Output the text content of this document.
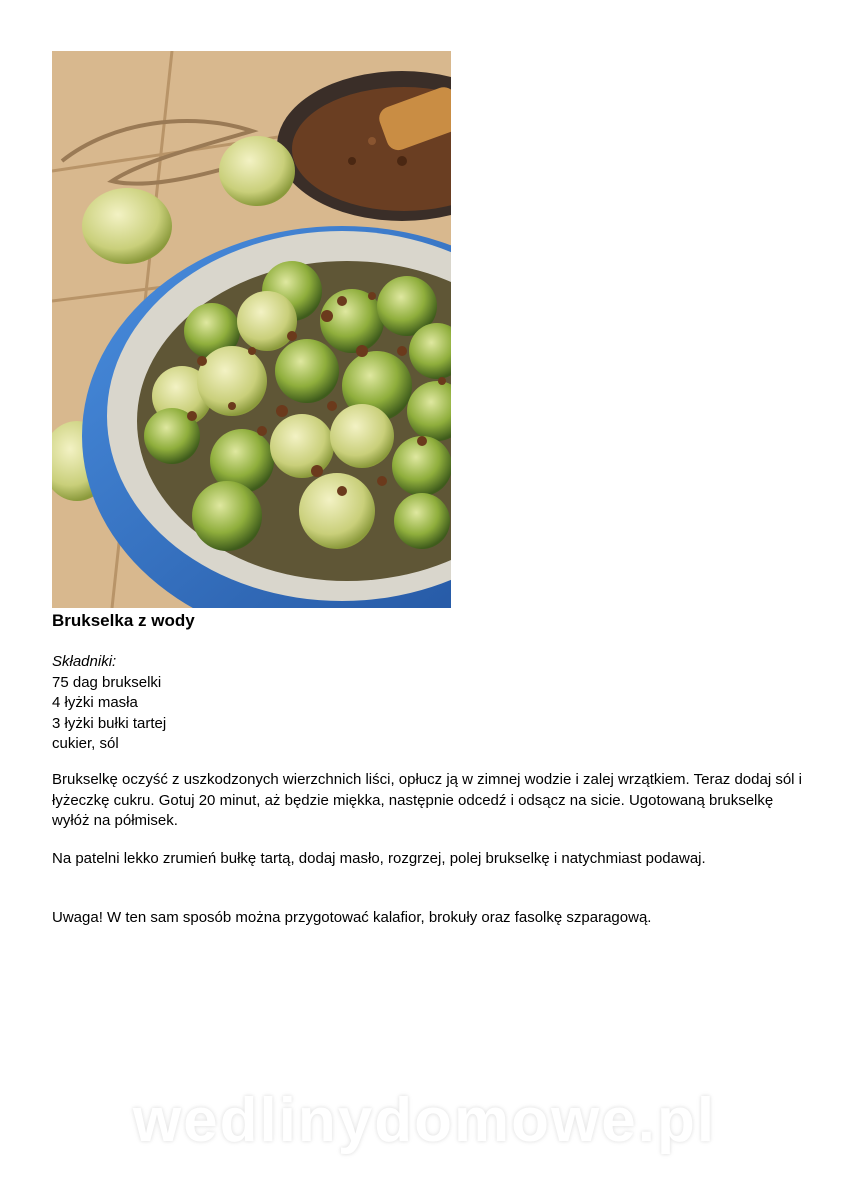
Brukselka z wody
Składniki:
75 dag brukselki
4 łyżki masła
3 łyżki bułki tartej
cukier, sól
Brukselkę oczyść z uszkodzonych wierzchnich liści, opłucz ją w zimnej wodzie i zalej wrzątkiem. Teraz dodaj sól i łyżeczkę cukru. Gotuj 20 minut, aż będzie miękka, następnie odcedź i odsącz na sicie. Ugotowaną brukselkę wyłóż na półmisek.
Na patelni lekko zrumień bułkę tartą, dodaj masło, rozgrzej, polej brukselkę i natychmiast podawaj.
Uwaga! W ten sam sposób można przygotować kalafior, brokuły oraz fasolkę szparagową.
wedlinydomowe.pl
